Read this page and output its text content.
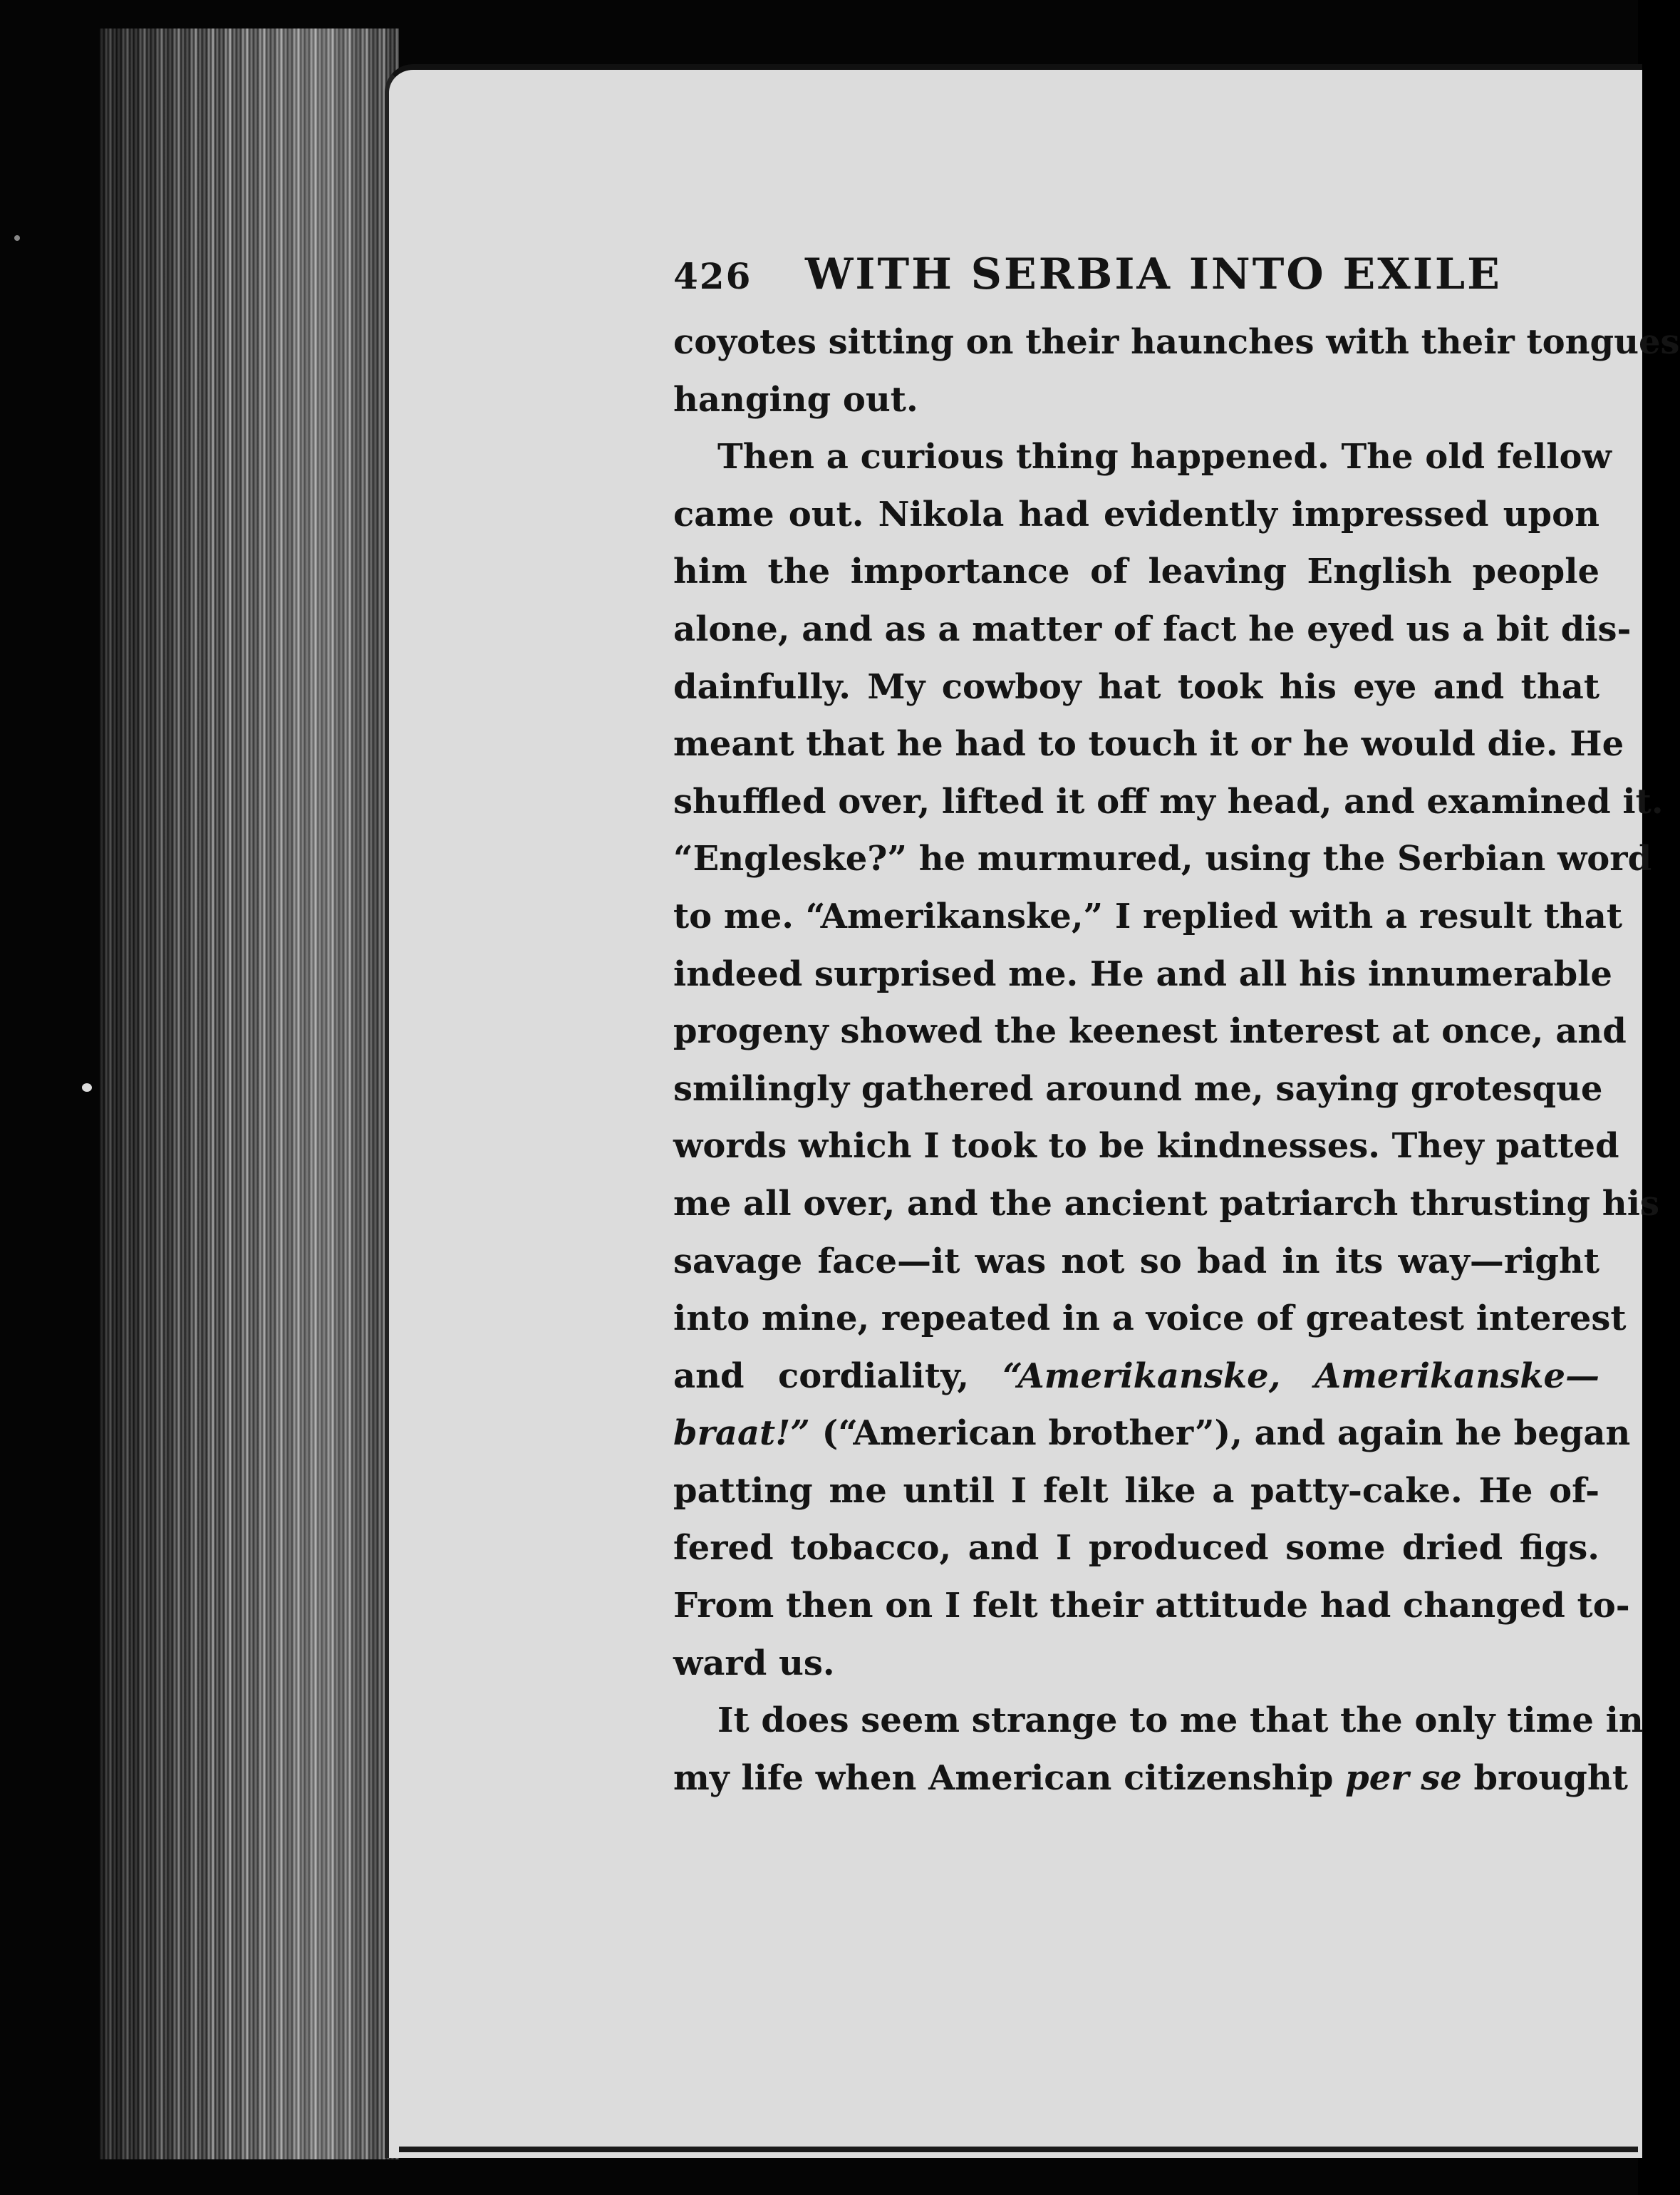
426	WITH SERBIA INTO EXILE
coyotes sitting on their haunches with their tongues
hanging out.
Then a curious thing happened. The old fellow
came out. Nikola had evidently impressed upon
him the importance of leaving English people
alone, and as a matter of fact he eyed us a bit dis-
dainfully. My cowboy hat took his eye and that
meant that he had to touch it or he would die. He
shuffled over, lifted it off my head, and examined it.
“Engleske?” he murmured, using the Serbian word
to me. “Amerikanske,” I replied with a result that
indeed surprised me. He and all his innumerable
progeny showed the keenest interest at once, and
smilingly gathered around me, saying grotesque
words which I took to be kindnesses. They patted
me all over, and the ancient patriarch thrusting his
savage face—it was not so bad in its way—right
into mine, repeated in a voice of greatest interest
and cordiality, “Amerikanske, Amerikanske—
braat!” (“American brother”), and again he began
patting me until I felt like a patty-cake. He of-
fered tobacco, and I produced some dried figs.
From then on I felt their attitude had changed to-
ward us.
It does seem strange to me that the only time in
my life when American citizenship per se brought
